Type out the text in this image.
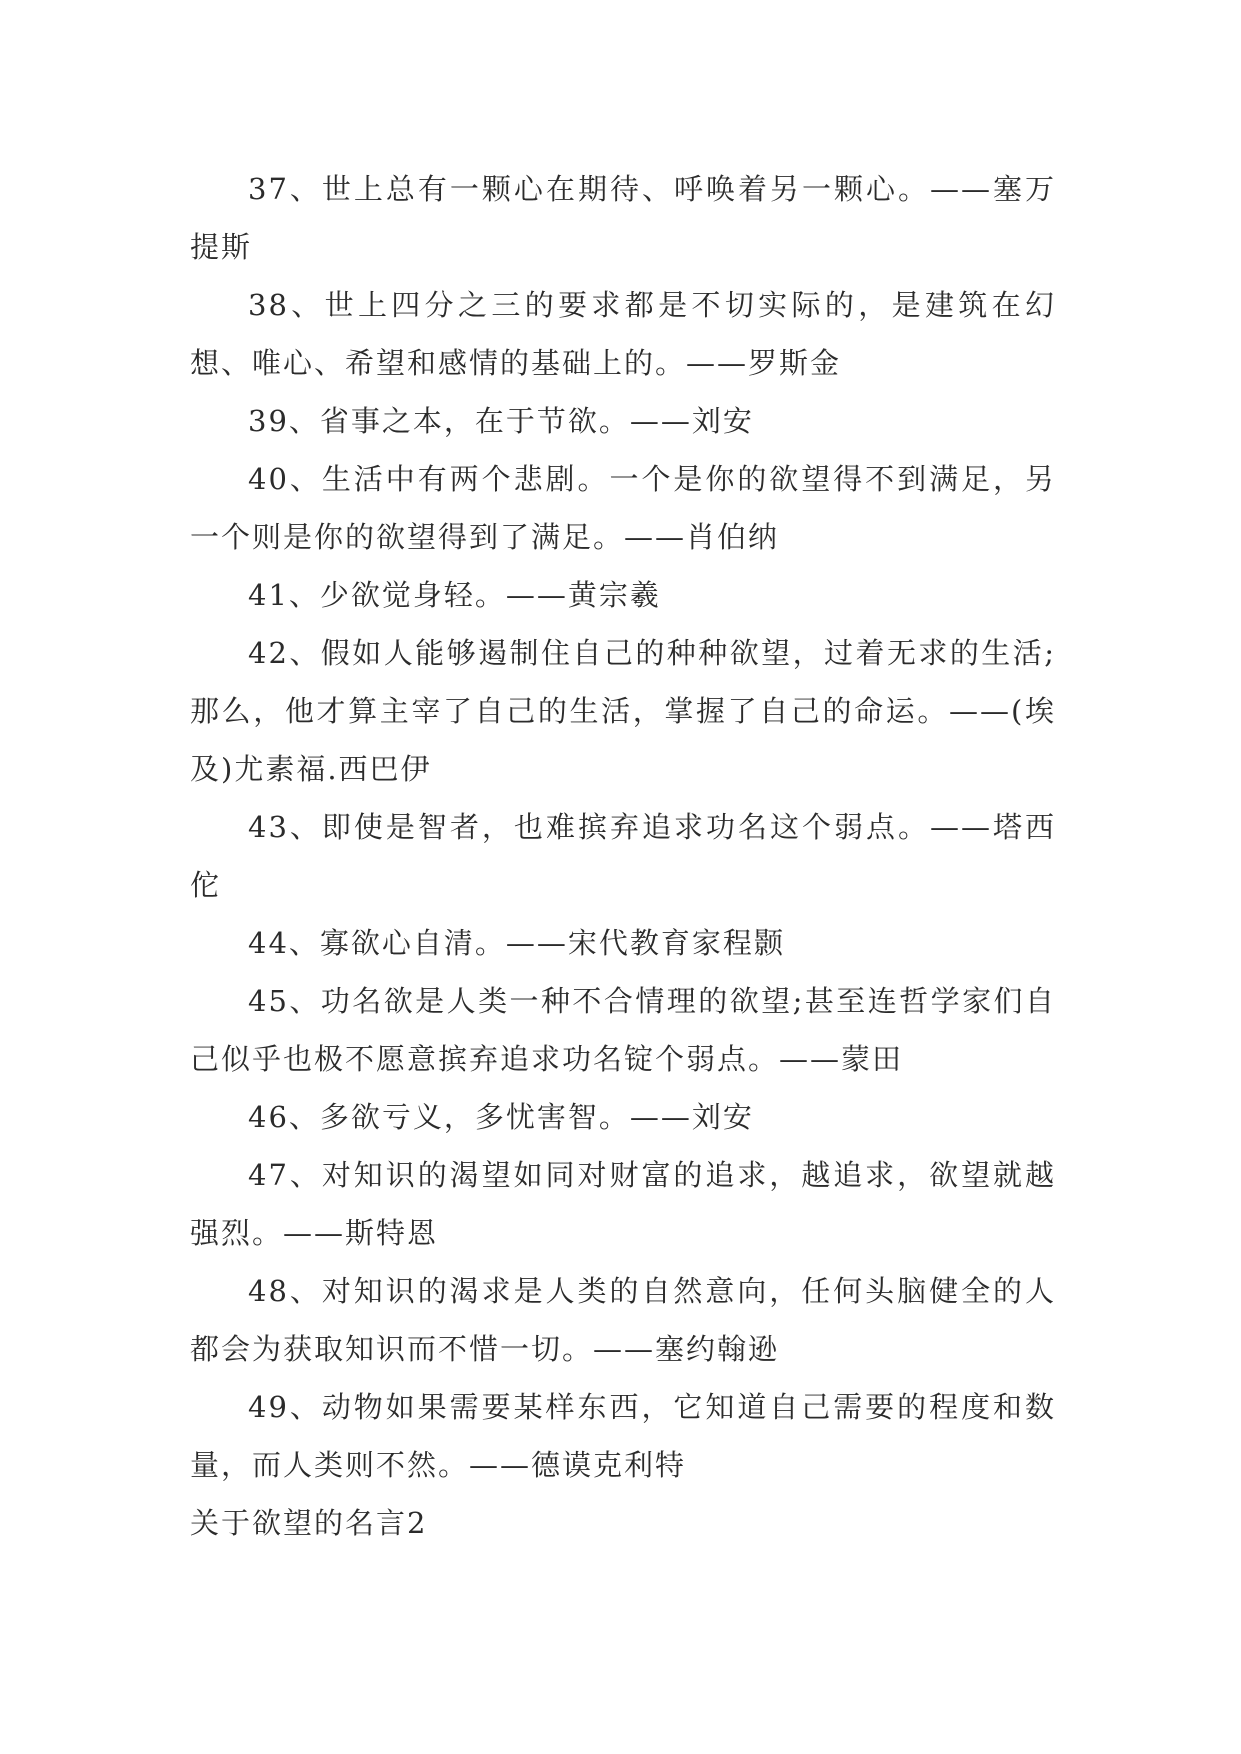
37、世上总有一颗心在期待、呼唤着另一颗心。——塞万提斯

38、世上四分之三的要求都是不切实际的，是建筑在幻想、唯心、希望和感情的基础上的。——罗斯金

39、省事之本，在于节欲。——刘安

40、生活中有两个悲剧。一个是你的欲望得不到满足，另一个则是你的欲望得到了满足。——肖伯纳

41、少欲觉身轻。——黄宗羲

42、假如人能够遏制住自己的种种欲望，过着无求的生活;那么，他才算主宰了自己的生活，掌握了自己的命运。——(埃及)尤素福.西巴伊

43、即使是智者，也难摈弃追求功名这个弱点。——塔西佗

44、寡欲心自清。——宋代教育家程颢

45、功名欲是人类一种不合情理的欲望;甚至连哲学家们自己似乎也极不愿意摈弃追求功名锭个弱点。——蒙田

46、多欲亏义，多忧害智。——刘安

47、对知识的渴望如同对财富的追求，越追求，欲望就越强烈。——斯特恩

48、对知识的渴求是人类的自然意向，任何头脑健全的人都会为获取知识而不惜一切。——塞约翰逊

49、动物如果需要某样东西，它知道自己需要的程度和数量，而人类则不然。——德谟克利特

关于欲望的名言2
